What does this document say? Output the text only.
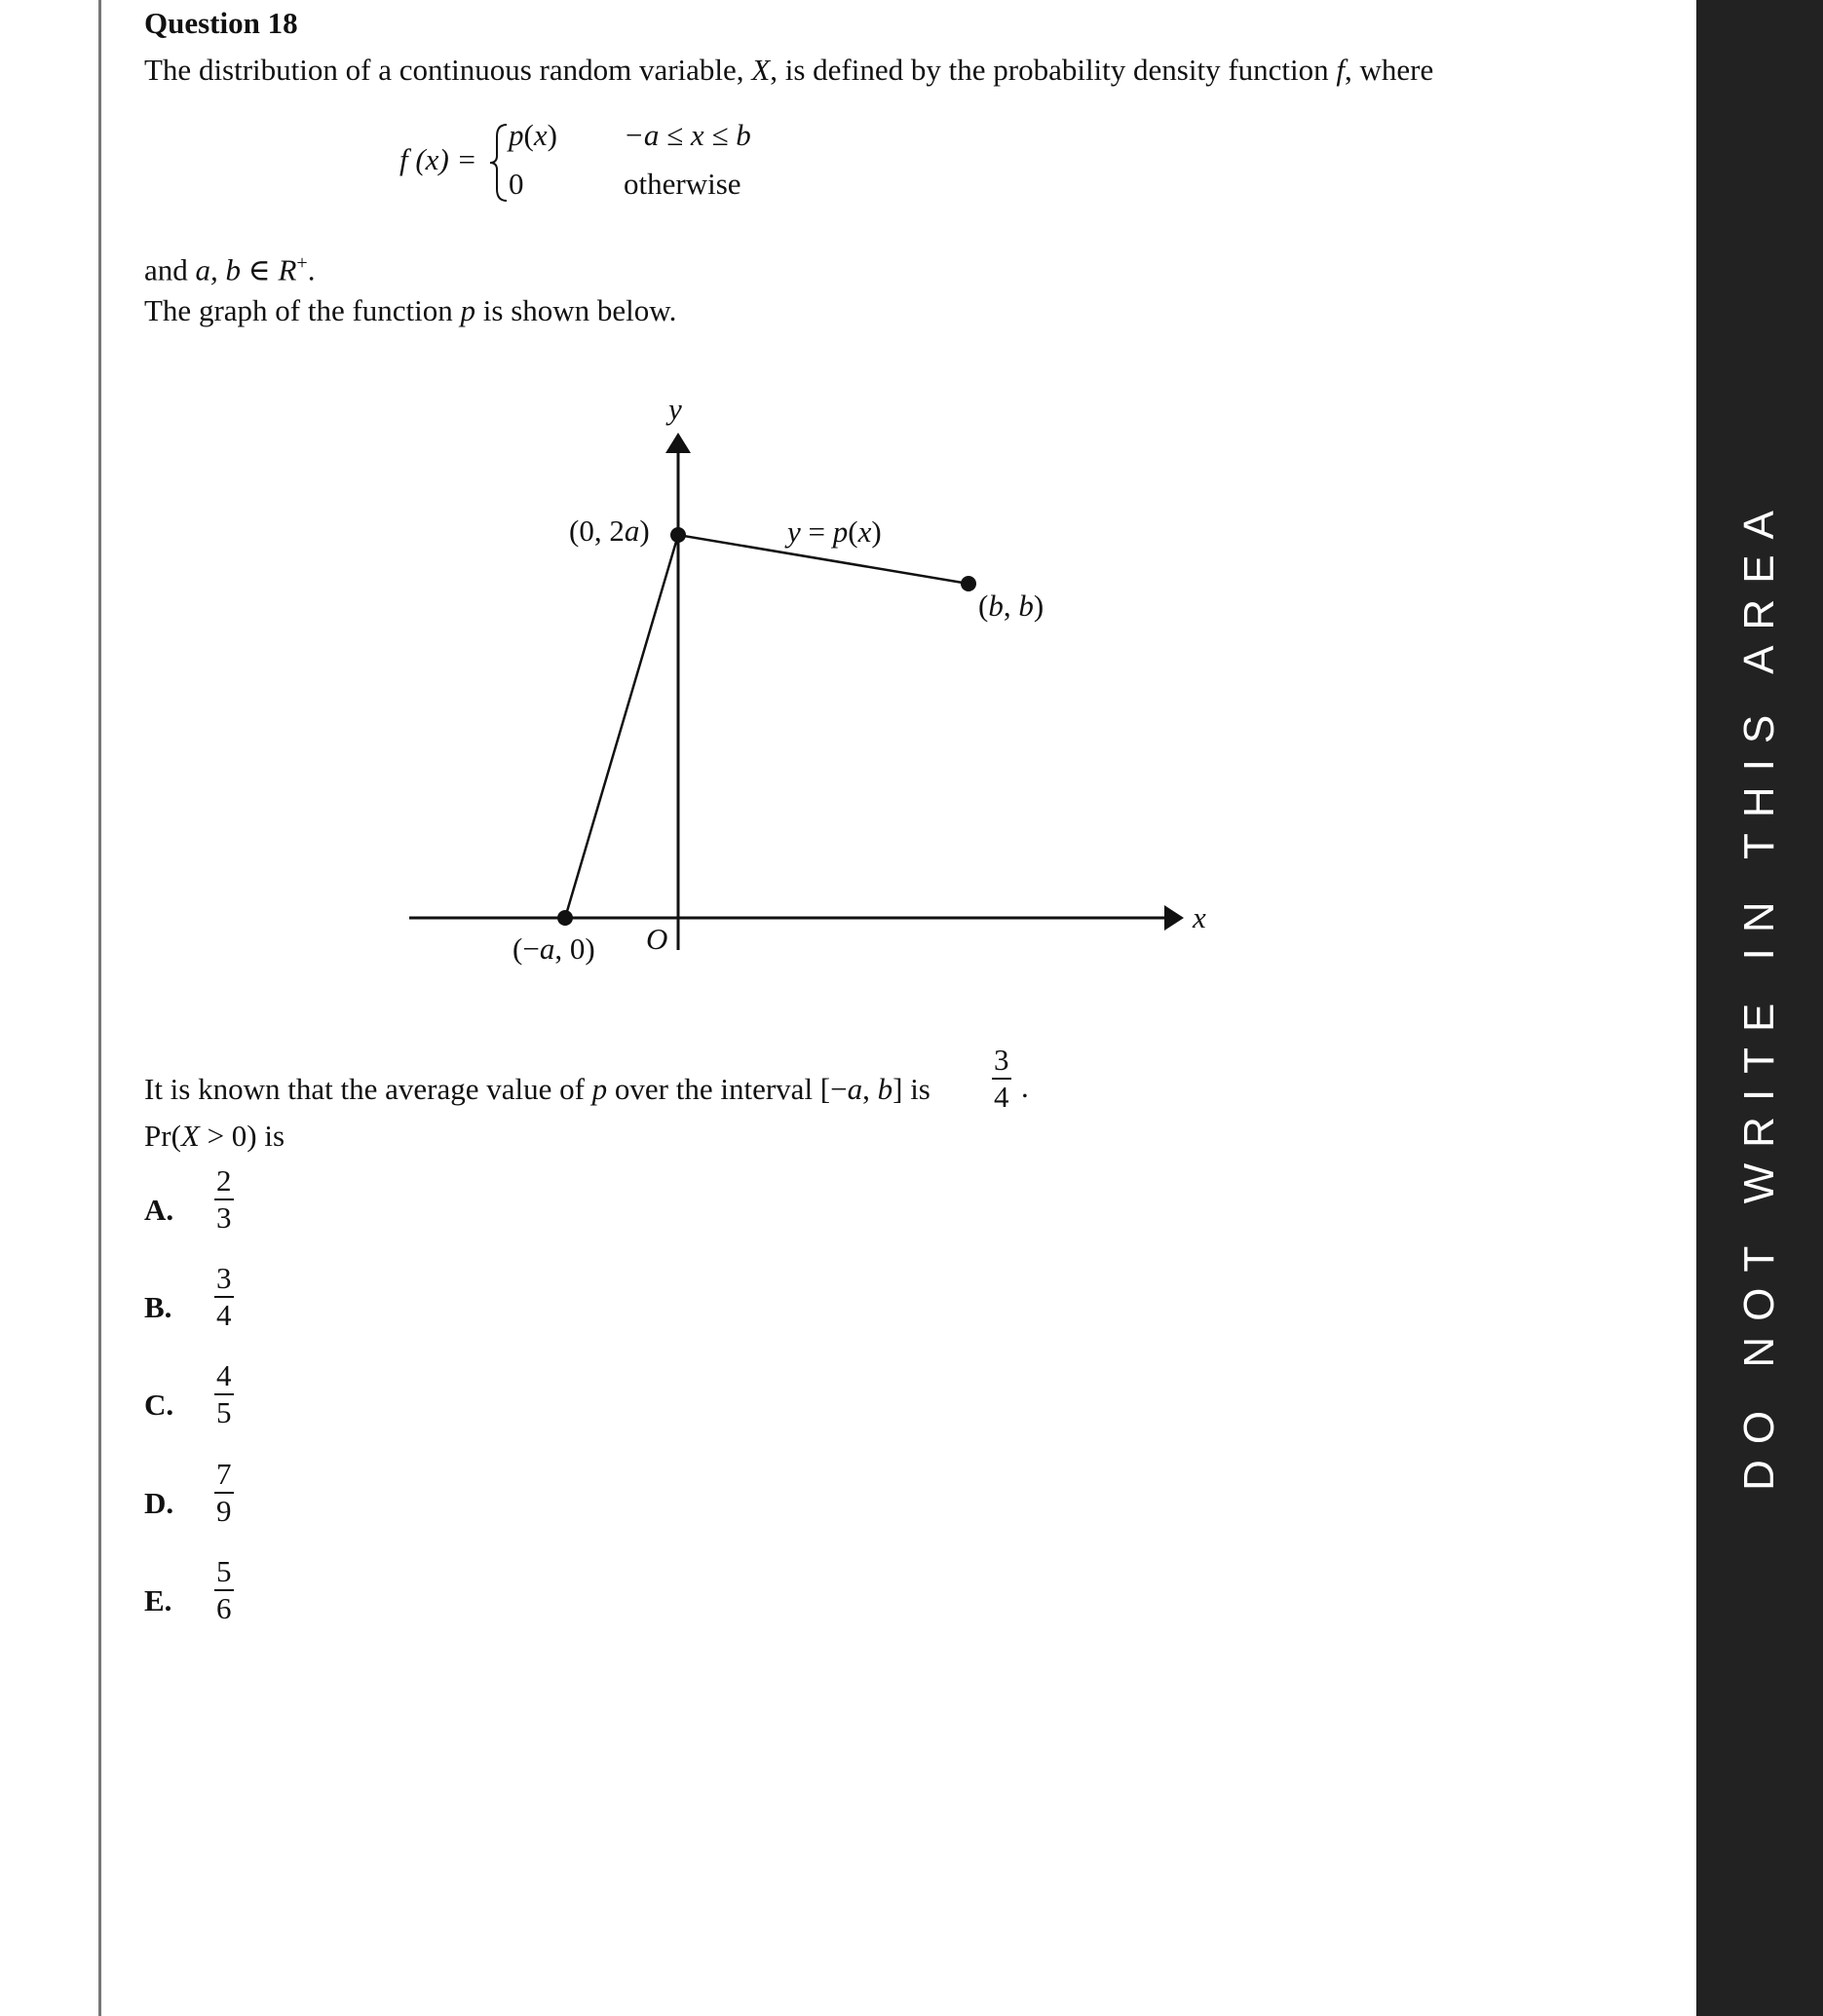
DO NOT WRITE IN THIS AREA
Question 18
The distribution of a continuous random variable, X, is defined by the probability density function f, where
f (x) =
p(x) −a ≤ x ≤ b
0	otherwise
and a, b ∈ R+.
The graph of the function p is shown below.
y
x
O
(0, 2a)
(−a, 0)
(b, b)
y = p(x)
It is known that the average value of p over the interval [−a, b] is $\frac{3}{4}$ .
Pr(X > 0) is
A. $\frac{2}{3}$
B. $\frac{3}{4}$
C. $\frac{4}{5}$
D. $\frac{7}{9}$
E. $\frac{5}{6}$
